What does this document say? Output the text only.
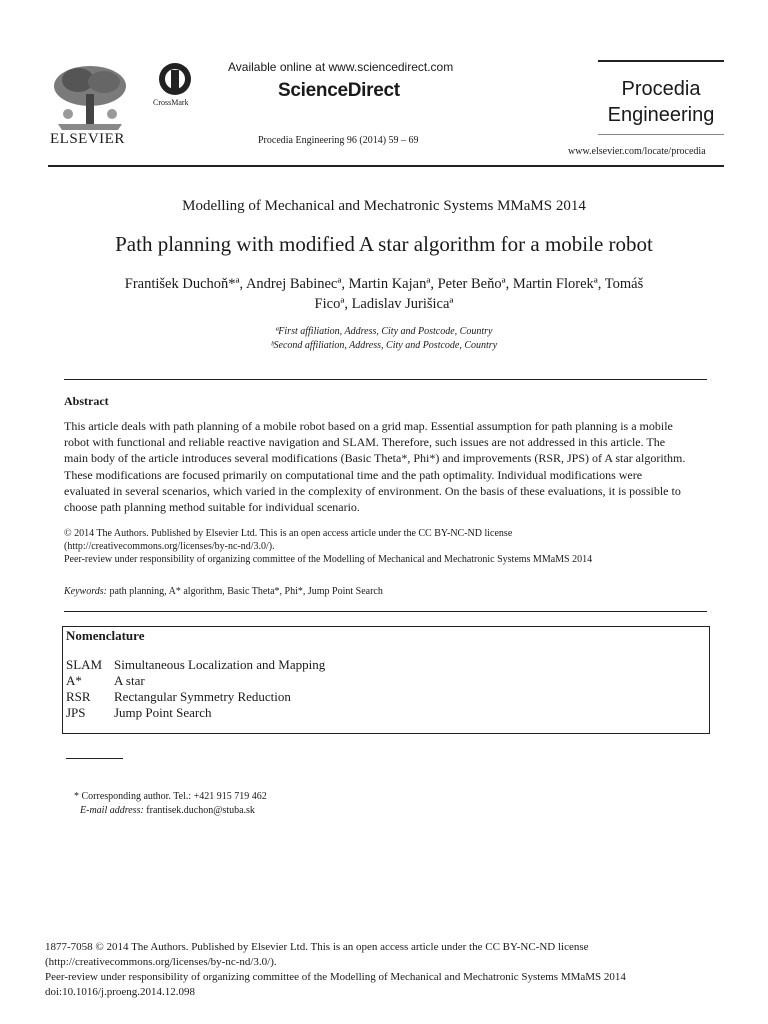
ELSEVIER
CrossMark
Available online at www.sciencedirect.com
ScienceDirect
Procedia Engineering 96 (2014) 59 – 69
Procedia
Engineering
www.elsevier.com/locate/procedia
Modelling of Mechanical and Mechatronic Systems MMaMS 2014
Path planning with modified A star algorithm for a mobile robot
František Duchoň*ª, Andrej Babinecª, Martin Kajanª, Peter Beňoª, Martin Florekª, Tomáš
Ficoª, Ladislav Jurišicaª
ªFirst affiliation, Address, City and Postcode, Country
ᵇSecond affiliation, Address, City and Postcode, Country
Abstract
This article deals with path planning of a mobile robot based on a grid map. Essential assumption for path planning is a mobile
robot with functional and reliable reactive navigation and SLAM. Therefore, such issues are not addressed in this article. The
main body of the article introduces several modifications (Basic Theta*, Phi*) and improvements (RSR, JPS) of A star algorithm.
These modifications are focused primarily on computational time and the path optimality. Individual modifications were
evaluated in several scenarios, which varied in the complexity of environment. On the basis of these evaluations, it is possible to
choose path planning method suitable for individual scenario.
© 2014 The Authors. Published by Elsevier Ltd. This is an open access article under the CC BY-NC-ND license
(http://creativecommons.org/licenses/by-nc-nd/3.0/).
Peer-review under responsibility of organizing committee of the Modelling of Mechanical and Mechatronic Systems MMaMS 2014
Keywords: path planning, A* algorithm, Basic Theta*, Phi*, Jump Point Search
Nomenclature
SLAM Simultaneous Localization and Mapping
A* A star
RSR Rectangular Symmetry Reduction
JPS Jump Point Search
* Corresponding author. Tel.: +421 915 719 462
E-mail address: frantisek.duchon@stuba.sk
1877-7058 © 2014 The Authors. Published by Elsevier Ltd. This is an open access article under the CC BY-NC-ND license
(http://creativecommons.org/licenses/by-nc-nd/3.0/).
Peer-review under responsibility of organizing committee of the Modelling of Mechanical and Mechatronic Systems MMaMS 2014
doi:10.1016/j.proeng.2014.12.098
